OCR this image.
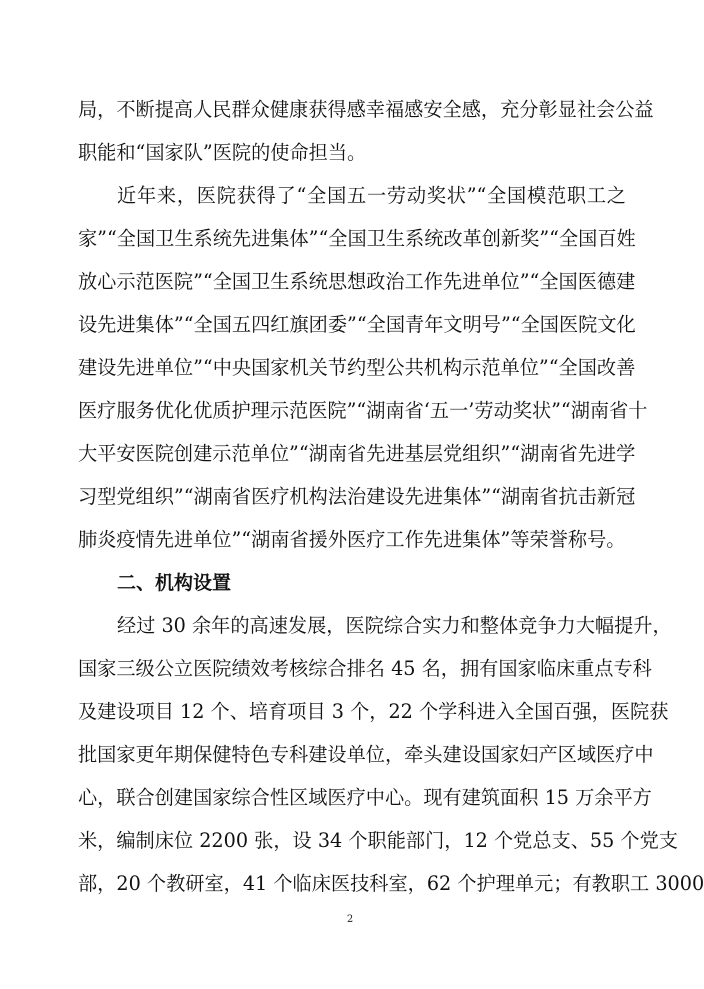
局，不断提高人民群众健康获得感幸福感安全感，充分彰显社会公益
职能和“国家队”医院的使命担当。
近年来，医院获得了“全国五一劳动奖状”“全国模范职工之
家”“全国卫生系统先进集体”“全国卫生系统改革创新奖”“全国百姓
放心示范医院”“全国卫生系统思想政治工作先进单位”“全国医德建
设先进集体”“全国五四红旗团委”“全国青年文明号”“全国医院文化
建设先进单位”“中央国家机关节约型公共机构示范单位”“全国改善
医疗服务优化优质护理示范医院”“湖南省‘五一’劳动奖状”“湖南省十
大平安医院创建示范单位”“湖南省先进基层党组织”“湖南省先进学
习型党组织”“湖南省医疗机构法治建设先进集体”“湖南省抗击新冠
肺炎疫情先进单位”“湖南省援外医疗工作先进集体”等荣誉称号。
二、机构设置
经过 30 余年的高速发展，医院综合实力和整体竞争力大幅提升，
国家三级公立医院绩效考核综合排名 45 名，拥有国家临床重点专科
及建设项目 12 个、培育项目 3 个，22 个学科进入全国百强，医院获
批国家更年期保健特色专科建设单位，牵头建设国家妇产区域医疗中
心，联合创建国家综合性区域医疗中心。现有建筑面积 15 万余平方
米，编制床位 2200 张，设 34 个职能部门，12 个党总支、55 个党支
部，20 个教研室，41 个临床医技科室，62 个护理单元；有教职工 3000
2
